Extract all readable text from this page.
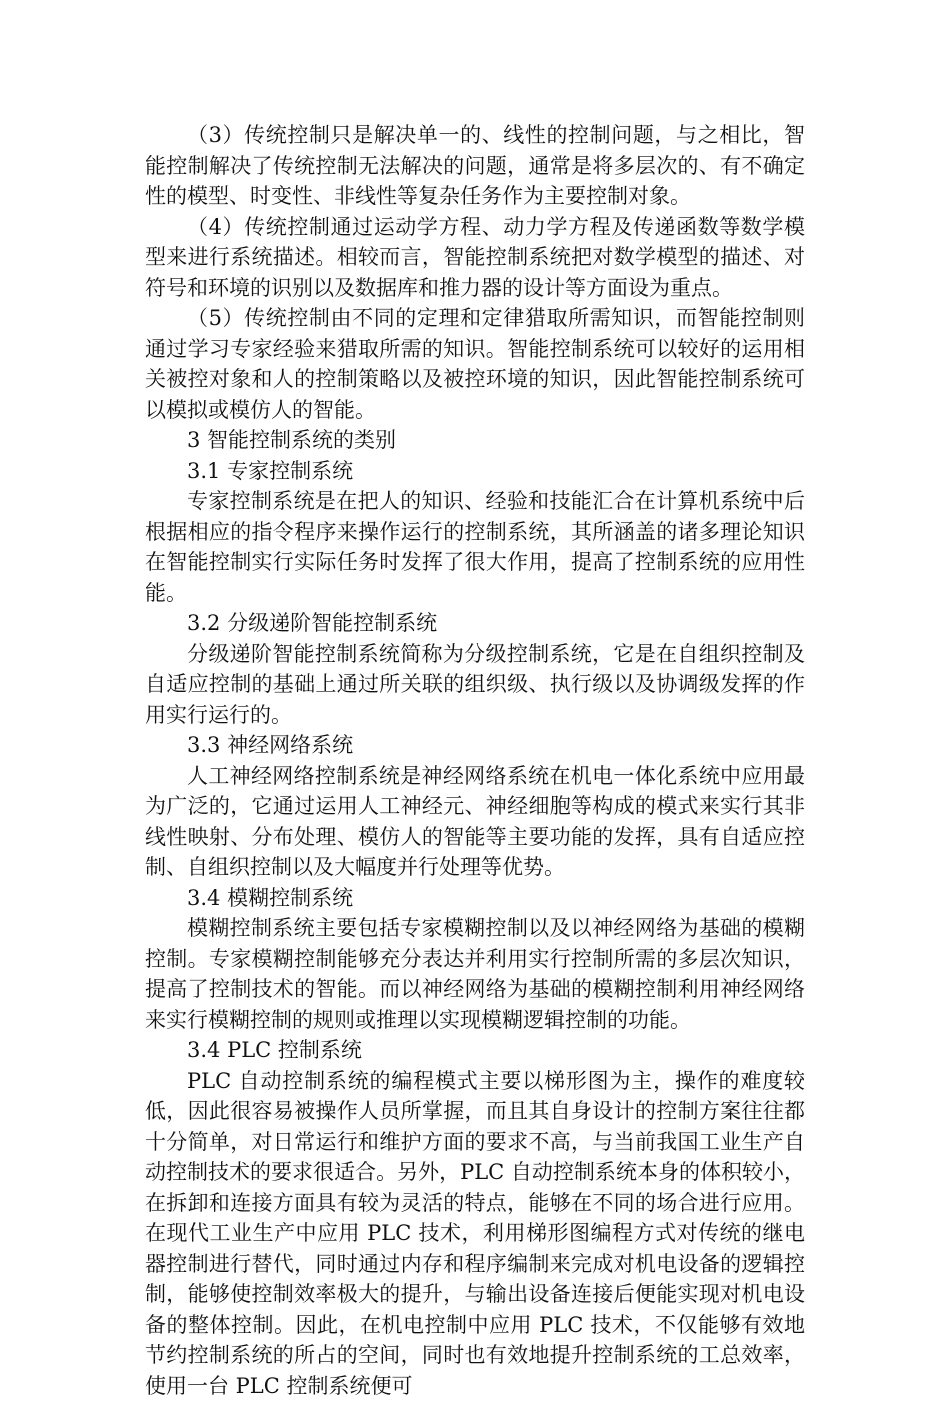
（3）传统控制只是解决单一的、线性的控制问题，与之相比，智能控制解决了传统控制无法解决的问题，通常是将多层次的、有不确定性的模型、时变性、非线性等复杂任务作为主要控制对象。

（4）传统控制通过运动学方程、动力学方程及传递函数等数学模型来进行系统描述。相较而言，智能控制系统把对数学模型的描述、对符号和环境的识别以及数据库和推力器的设计等方面设为重点。

（5）传统控制由不同的定理和定律猎取所需知识，而智能控制则通过学习专家经验来猎取所需的知识。智能控制系统可以较好的运用相关被控对象和人的控制策略以及被控环境的知识，因此智能控制系统可以模拟或模仿人的智能。

3 智能控制系统的类别

3.1 专家控制系统

专家控制系统是在把人的知识、经验和技能汇合在计算机系统中后根据相应的指令程序来操作运行的控制系统，其所涵盖的诸多理论知识在智能控制实行实际任务时发挥了很大作用，提高了控制系统的应用性能。

3.2 分级递阶智能控制系统

分级递阶智能控制系统简称为分级控制系统，它是在自组织控制及自适应控制的基础上通过所关联的组织级、执行级以及协调级发挥的作用实行运行的。

3.3 神经网络系统

人工神经网络控制系统是神经网络系统在机电一体化系统中应用最为广泛的，它通过运用人工神经元、神经细胞等构成的模式来实行其非线性映射、分布处理、模仿人的智能等主要功能的发挥，具有自适应控制、自组织控制以及大幅度并行处理等优势。

3.4 模糊控制系统

模糊控制系统主要包括专家模糊控制以及以神经网络为基础的模糊控制。专家模糊控制能够充分表达并利用实行控制所需的多层次知识，提高了控制技术的智能。而以神经网络为基础的模糊控制利用神经网络来实行模糊控制的规则或推理以实现模糊逻辑控制的功能。

3.4 PLC 控制系统

PLC 自动控制系统的编程模式主要以梯形图为主，操作的难度较低，因此很容易被操作人员所掌握，而且其自身设计的控制方案往往都十分简单，对日常运行和维护方面的要求不高，与当前我国工业生产自动控制技术的要求很适合。另外，PLC 自动控制系统本身的体积较小，在拆卸和连接方面具有较为灵活的特点，能够在不同的场合进行应用。在现代工业生产中应用 PLC 技术，利用梯形图编程方式对传统的继电器控制进行替代，同时通过内存和程序编制来完成对机电设备的逻辑控制，能够使控制效率极大的提升，与输出设备连接后便能实现对机电设备的整体控制。因此，在机电控制中应用 PLC 技术，不仅能够有效地节约控制系统的所占的空间，同时也有效地提升控制系统的工总效率，使用一台 PLC 控制系统便可
